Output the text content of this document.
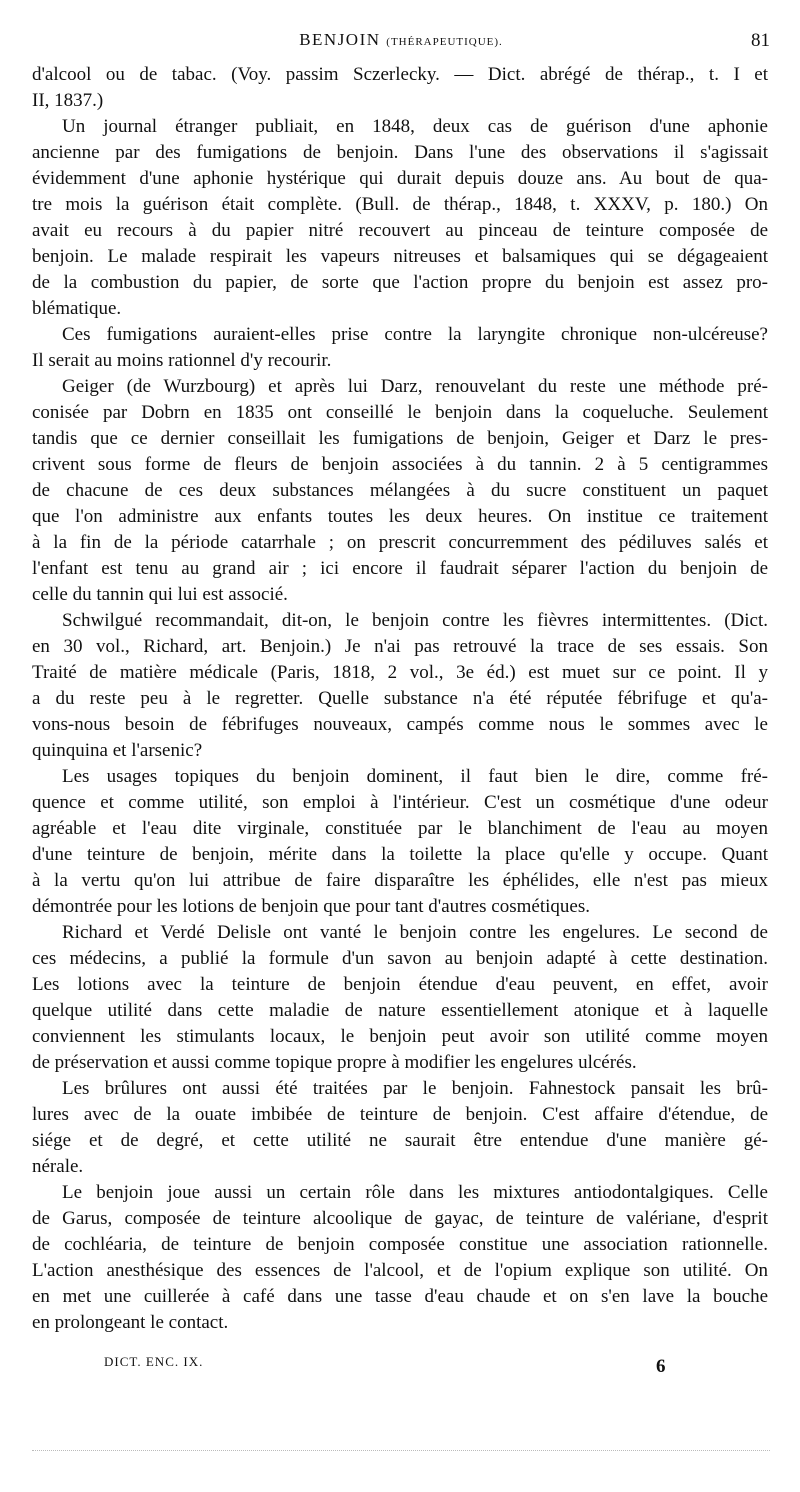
BENJOIN (THÉRAPEUTIQUE).	81
d'alcool ou de tabac. (Voy. passim Sczerlecky. — Dict. abrégé de thérap., t. I et
II, 1837.)
Un journal étranger publiait, en 1848, deux cas de guérison d'une aphonie
ancienne par des fumigations de benjoin. Dans l'une des observations il s'agissait
évidemment d'une aphonie hystérique qui durait depuis douze ans. Au bout de qua-
tre mois la guérison était complète. (Bull. de thérap., 1848, t. XXXV, p. 180.) On
avait eu recours à du papier nitré recouvert au pinceau de teinture composée de
benjoin. Le malade respirait les vapeurs nitreuses et balsamiques qui se dégageaient
de la combustion du papier, de sorte que l'action propre du benjoin est assez pro-
blématique.
Ces fumigations auraient-elles prise contre la laryngite chronique non-ulcéreuse?
Il serait au moins rationnel d'y recourir.
Geiger (de Wurzbourg) et après lui Darz, renouvelant du reste une méthode pré-
conisée par Dobrn en 1835 ont conseillé le benjoin dans la coqueluche. Seulement
tandis que ce dernier conseillait les fumigations de benjoin, Geiger et Darz le pres-
crivent sous forme de fleurs de benjoin associées à du tannin. 2 à 5 centigrammes
de chacune de ces deux substances mélangées à du sucre constituent un paquet
que l'on administre aux enfants toutes les deux heures. On institue ce traitement
à la fin de la période catarrhale ; on prescrit concurremment des pédiluves salés et
l'enfant est tenu au grand air ; ici encore il faudrait séparer l'action du benjoin de
celle du tannin qui lui est associé.
Schwilgué recommandait, dit-on, le benjoin contre les fièvres intermittentes. (Dict.
en 30 vol., Richard, art. Benjoin.) Je n'ai pas retrouvé la trace de ses essais. Son
Traité de matière médicale (Paris, 1818, 2 vol., 3e éd.) est muet sur ce point. Il y
a du reste peu à le regretter. Quelle substance n'a été réputée fébrifuge et qu'a-
vons-nous besoin de fébrifuges nouveaux, campés comme nous le sommes avec le
quinquina et l'arsenic?
Les usages topiques du benjoin dominent, il faut bien le dire, comme fré-
quence et comme utilité, son emploi à l'intérieur. C'est un cosmétique d'une odeur
agréable et l'eau dite virginale, constituée par le blanchiment de l'eau au moyen
d'une teinture de benjoin, mérite dans la toilette la place qu'elle y occupe. Quant
à la vertu qu'on lui attribue de faire disparaître les éphélides, elle n'est pas mieux
démontrée pour les lotions de benjoin que pour tant d'autres cosmétiques.
Richard et Verdé Delisle ont vanté le benjoin contre les engelures. Le second de
ces médecins, a publié la formule d'un savon au benjoin adapté à cette destination.
Les lotions avec la teinture de benjoin étendue d'eau peuvent, en effet, avoir
quelque utilité dans cette maladie de nature essentiellement atonique et à laquelle
conviennent les stimulants locaux, le benjoin peut avoir son utilité comme moyen
de préservation et aussi comme topique propre à modifier les engelures ulcérés.
Les brûlures ont aussi été traitées par le benjoin. Fahnestock pansait les brû-
lures avec de la ouate imbibée de teinture de benjoin. C'est affaire d'étendue, de
siége et de degré, et cette utilité ne saurait être entendue d'une manière gé-
nérale.
Le benjoin joue aussi un certain rôle dans les mixtures antiodontalgiques. Celle
de Garus, composée de teinture alcoolique de gayac, de teinture de valériane, d'esprit
de cochléaria, de teinture de benjoin composée constitue une association rationnelle.
L'action anesthésique des essences de l'alcool, et de l'opium explique son utilité. On
en met une cuillerée à café dans une tasse d'eau chaude et on s'en lave la bouche
en prolongeant le contact.
DICT. ENC. IX.	6
